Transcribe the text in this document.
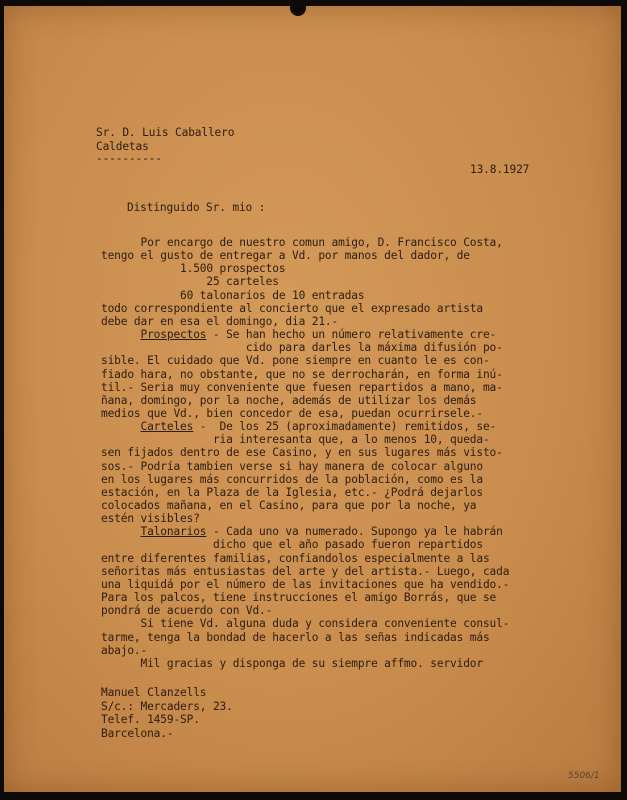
Sr. D. Luis Caballero
Caldetas
----------
13.8.1927
Distinguido Sr. mio :
Por encargo de nuestro comun amigo, D. Francisco Costa,
tengo el gusto de entregar a Vd. por manos del dador, de
1.500 prospectos
25 carteles
60 talonarios de 10 entradas
todo correspondiente al concierto que el expresado artista
debe dar en esa el domingo, dia 21.-
Prospectos - Se han hecho un número relativamente cre-
cido para darles la máxima difusión po-
sible. El cuidado que Vd. pone siempre en cuanto le es con-
fiado hara, no obstante, que no se derrocharán, en forma inú-
til.- Seria muy conveniente que fuesen repartidos a mano, ma-
ñana, domingo, por la noche, además de utilizar los demás
medios que Vd., bien concedor de esa, puedan ocurrirsele.-
Carteles -  De los 25 (aproximadamente) remitidos, se-
ria interesanta que, a lo menos 10, queda-
sen fijados dentro de ese Casino, y en sus lugares más visto-
sos.- Podría tambien verse si hay manera de colocar alguno
en los lugares más concurridos de la población, como es la
estación, en la Plaza de la Iglesia, etc.- ¿Podrá dejarlos
colocados mañana, en el Casino, para que por la noche, ya
estén visibles?
Talonarios - Cada uno va numerado. Supongo ya le habrán
dicho que el año pasado fueron repartidos
entre diferentes familias, confiandolos especialmente a las
señoritas más entusiastas del arte y del artista.- Luego, cada
una liquidá por el número de las invitaciones que ha vendido.-
Para los palcos, tiene instrucciones el amigo Borrás, que se
pondrá de acuerdo con Vd.-
Si tiene Vd. alguna duda y considera conveniente consul-
tarme, tenga la bondad de hacerlo a las señas indicadas más
abajo.-
Mil gracias y disponga de su siempre affmo. servidor
Manuel Clanzells
S/c.: Mercaders, 23.
Telef. 1459-SP.
Barcelona.-
5506/1
